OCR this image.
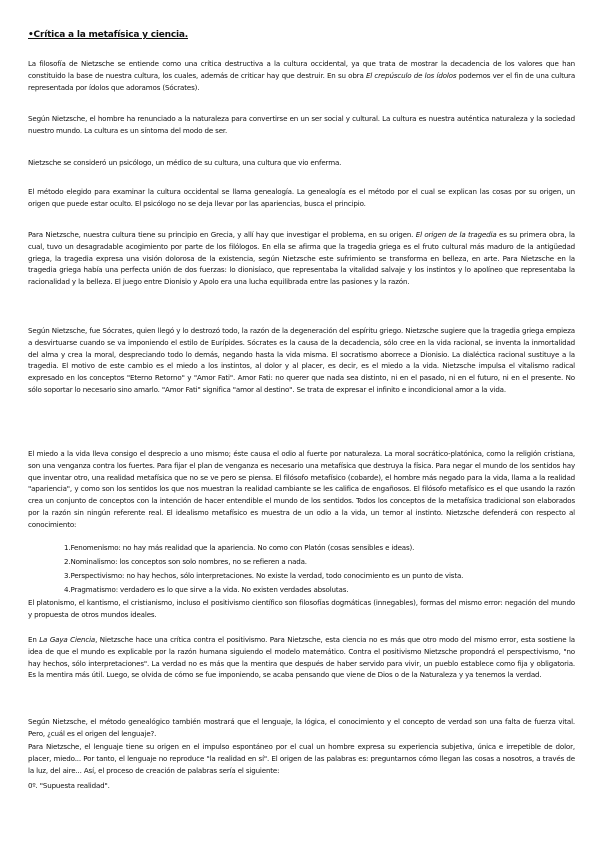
•Crítica a la metafísica y ciencia.
La filosofía de Nietzsche se entiende como una crítica destructiva a la cultura occidental, ya que trata de mostrar la decadencia de los valores que han constituido la base de nuestra cultura, los cuales, además de criticar hay que destruir. En su obra El crepúsculo de los ídolos podemos ver el fin de una cultura representada por ídolos que adoramos (Sócrates).
Según Nietzsche, el hombre ha renunciado a la naturaleza para convertirse en un ser social y cultural. La cultura es nuestra auténtica naturaleza y la sociedad nuestro mundo. La cultura es un síntoma del modo de ser.
Nietzsche se consideró un psicólogo, un médico de su cultura, una cultura que vio enferma.
El método elegido para examinar la cultura occidental se llama genealogía. La genealogía es el método por el cual se explican las cosas por su origen, un origen que puede estar oculto. El psicólogo no se deja llevar por las apariencias, busca el principio.
Para Nietzsche, nuestra cultura tiene su principio en Grecia, y allí hay que investigar el problema, en su origen. El origen de la tragedia es su primera obra, la cual, tuvo un desagradable acogimiento por parte de los filólogos. En ella se afirma que la tragedia griega es el fruto cultural más maduro de la antigüedad griega, la tragedia expresa una visión dolorosa de la existencia, según Nietzsche este sufrimiento se transforma en belleza, en arte. Para Nietzsche en la tragedia griega había una perfecta unión de dos fuerzas: lo dionisíaco, que representaba la vitalidad salvaje y los instintos y lo apolíneo que representaba la racionalidad y la belleza. El juego entre Dionisio y Apolo era una lucha equilibrada entre las pasiones y la razón.
Según Nietzsche, fue Sócrates, quien llegó y lo destrozó todo, la razón de la degeneración del espíritu griego. Nietzsche sugiere que la tragedia griega empieza a desvirtuarse cuando se va imponiendo el estilo de Eurípides. Sócrates es la causa de la decadencia, sólo cree en la vida racional, se inventa la inmortalidad del alma y crea la moral, despreciando todo lo demás, negando hasta la vida misma. El socratismo aborrece a Dionisio. La dialéctica racional sustituye a la tragedia. El motivo de este cambio es el miedo a los instintos, al dolor y al placer, es decir, es el miedo a la vida. Nietzsche impulsa el vitalismo radical expresado en los conceptos "Eterno Retorno" y "Amor Fati". Amor Fati: no querer que nada sea distinto, ni en el pasado, ni en el futuro, ni en el presente. No sólo soportar lo necesario sino amarlo. "Amor Fati" significa "amor al destino". Se trata de expresar el infinito e incondicional amor a la vida.
El miedo a la vida lleva consigo el desprecio a uno mismo; éste causa el odio al fuerte por naturaleza. La moral socrático-platónica, como la religión cristiana, son una venganza contra los fuertes. Para fijar el plan de venganza es necesario una metafísica que destruya la física. Para negar el mundo de los sentidos hay que inventar otro, una realidad metafísica que no se ve pero se piensa. El filósofo metafísico (cobarde), el hombre más negado para la vida, llama a la realidad "apariencia", y como son los sentidos los que nos muestran la realidad cambiante se les califica de engañosos. El filósofo metafísico es el que usando la razón crea un conjunto de conceptos con la intención de hacer entendible el mundo de los sentidos. Todos los conceptos de la metafísica tradicional son elaborados por la razón sin ningún referente real. El idealismo metafísico es muestra de un odio a la vida, un temor al instinto. Nietzsche defenderá con respecto al conocimiento:
1.Fenomenismo: no hay más realidad que la apariencia. No como con Platón (cosas sensibles e ideas).
2.Nominalismo: los conceptos son solo nombres, no se refieren a nada.
3.Perspectivismo: no hay hechos, sólo interpretaciones. No existe la verdad, todo conocimiento es un punto de vista.
4.Pragmatismo: verdadero es lo que sirve a la vida. No existen verdades absolutas.
El platonismo, el kantismo, el cristianismo, incluso el positivismo científico son filosofías dogmáticas (innegables), formas del mismo error: negación del mundo y propuesta de otros mundos ideales.
En La Gaya Ciencia, Nietzsche hace una crítica contra el positivismo. Para Nietzsche, esta ciencia no es más que otro modo del mismo error, esta sostiene la idea de que el mundo es explicable por la razón humana siguiendo el modelo matemático. Contra el positivismo Nietzsche propondrá el perspectivismo, "no hay hechos, sólo interpretaciones". La verdad no es más que la mentira que después de haber servido para vivir, un pueblo establece como fija y obligatoria. Es la mentira más útil. Luego, se olvida de cómo se fue imponiendo, se acaba pensando que viene de Dios o de la Naturaleza y ya tenemos la verdad.
Según Nietzsche, el método genealógico también mostrará que el lenguaje, la lógica, el conocimiento y el concepto de verdad son una falta de fuerza vital. Pero, ¿cuál es el origen del lenguaje?.
Para Nietzsche, el lenguaje tiene su origen en el impulso espontáneo por el cual un hombre expresa su experiencia subjetiva, única e irrepetible de dolor, placer, miedo... Por tanto, el lenguaje no reproduce "la realidad en sí". El origen de las palabras es: preguntarnos cómo llegan las cosas a nosotros, a través de la luz, del aire... Así, el proceso de creación de palabras sería el siguiente:
0º. "Supuesta realidad".
